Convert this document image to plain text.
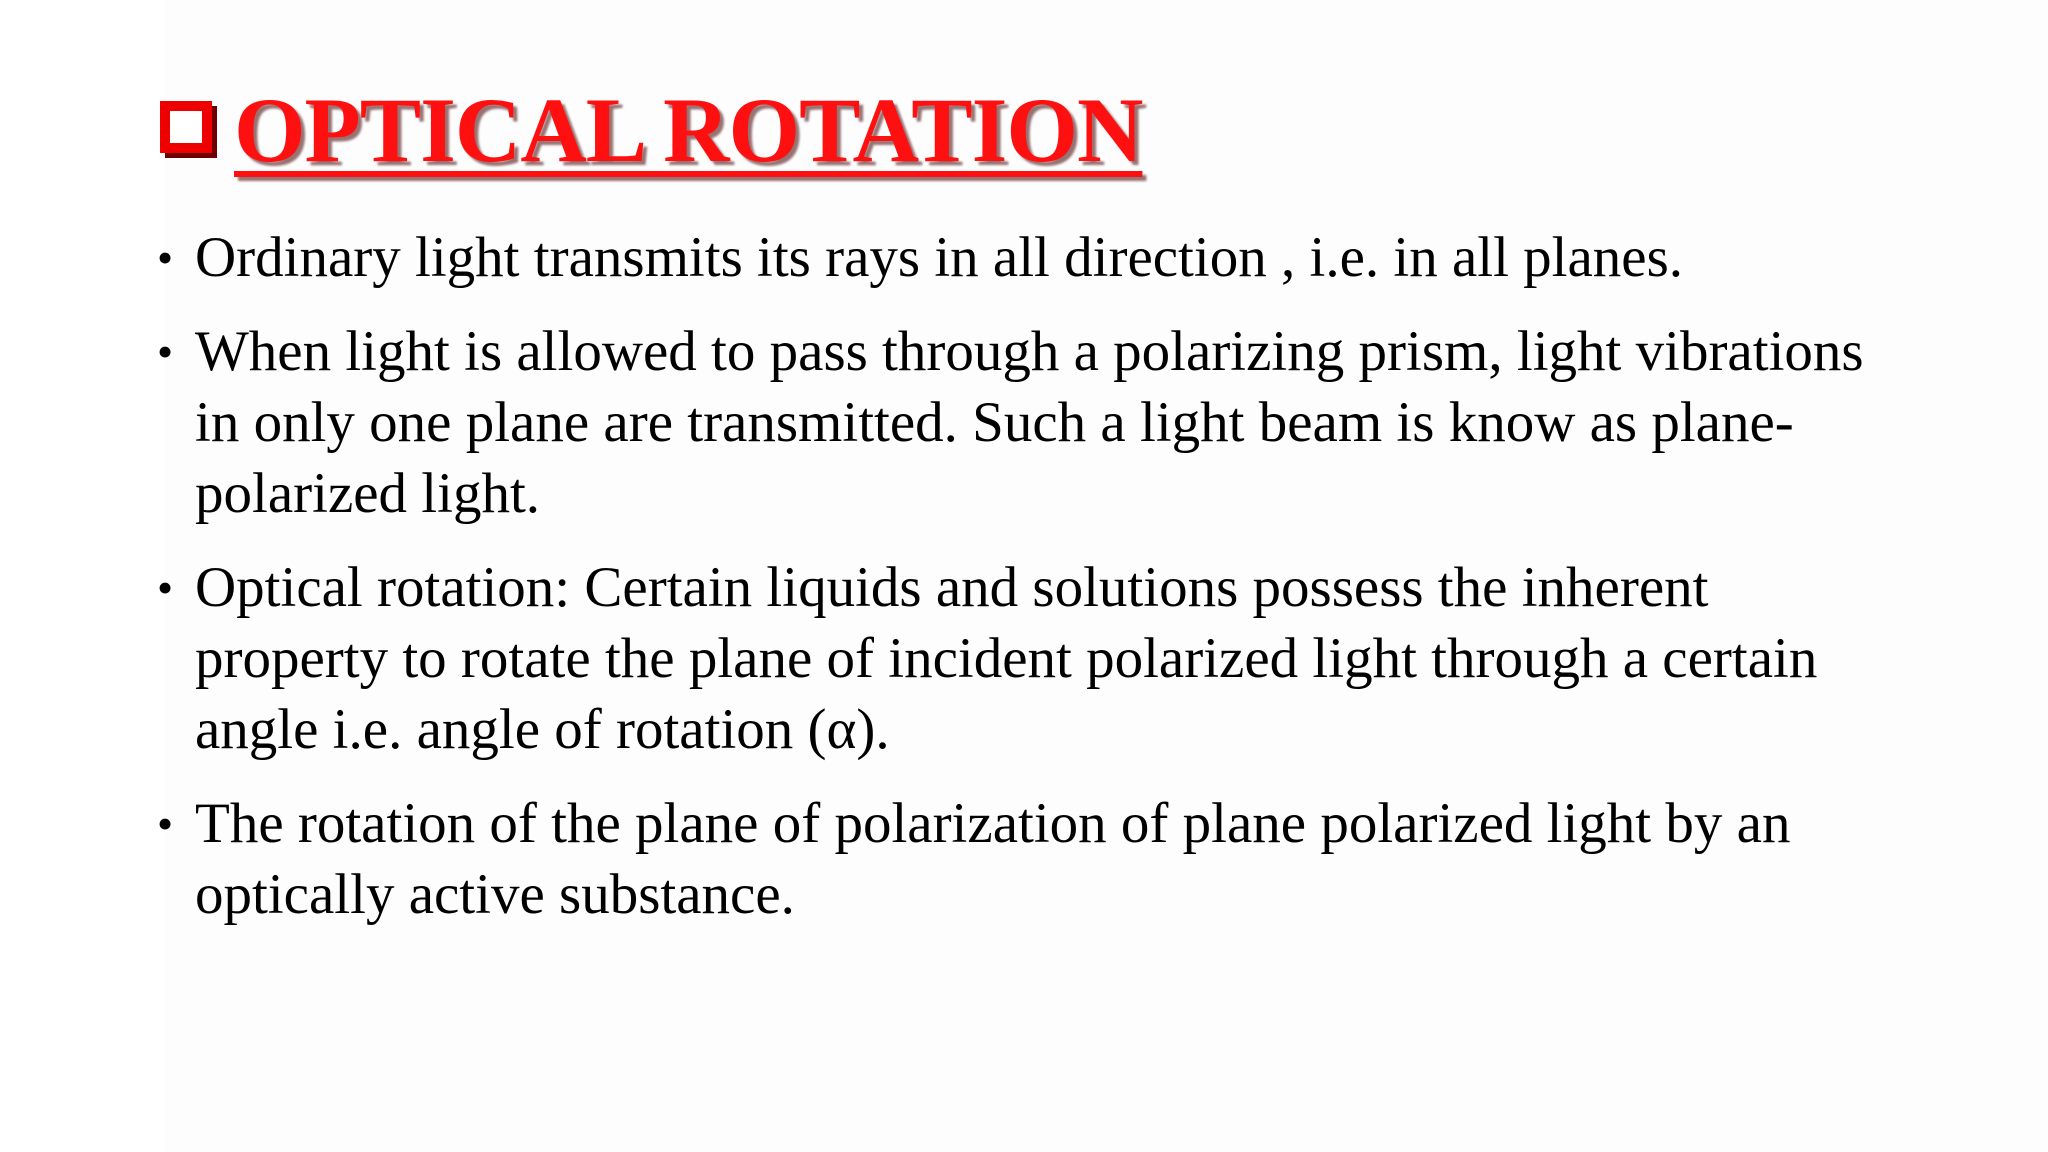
OPTICAL ROTATION
• Ordinary light transmits its rays in all direction , i.e. in all planes.
• When light is allowed to pass through a polarizing prism, light vibrations in only one plane are transmitted. Such a light beam is know as plane-polarized light.
• Optical rotation: Certain liquids and solutions possess the inherent property to rotate the plane of incident polarized light through a certain angle i.e. angle of rotation (α).
• The rotation of the plane of polarization of plane polarized light by an optically active substance.
